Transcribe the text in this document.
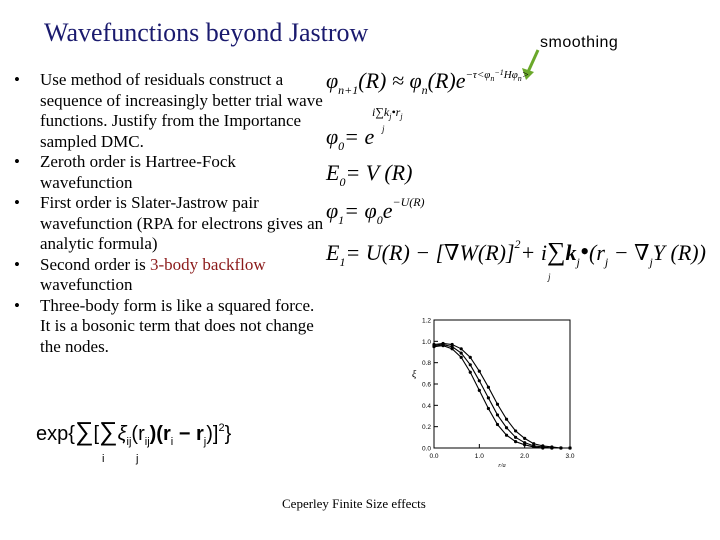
Wavefunctions beyond Jastrow	smoothing
• Use method of residuals construct a sequence of increasingly better trial wave functions. Justify from the Importance sampled DMC.
• Zeroth order is Hartree-Fock wavefunction
• First order is Slater-Jastrow pair wavefunction (RPA for electrons gives an analytic formula)
• Second order is 3-body backflow wavefunction
• Three-body form is like a squared force. It is a bosonic term that does not change the nodes.
$\varphi_{n+1}(R) \approx \varphi_n(R)e^{-\tau<\varphi}n^{-1}H\varphi n>$
$i\sum k_j•r_j$
j
$\varphi_0= e$
$E_0= V$ (R)
$\varphi_1= \varphi_0e^{-U(R)}$
$E_1= U(R) - [\nabla W(R)]^2+$ $i\sum k_j•(r_j - \nabla_jY$ (R))
j
$\exp\{\sum[\sum\xi_{ij}(r_{ij})(r_i - r_j)]^2\}$
i	j
0.0
0.2
0.4
0.6
0.8
1.0
1.2
0.0	1.0	2.0	3.0
r/a
ξ
Ceperley Finite Size effects
